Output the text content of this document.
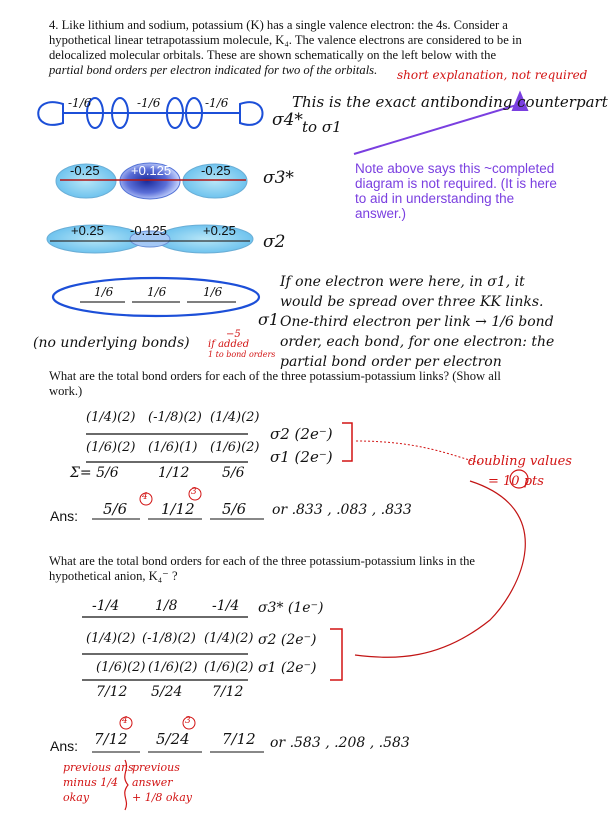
4. Like lithium and sodium, potassium (K) has a single valence electron: the 4s. Consider a
hypothetical linear tetrapotassium molecule, K₄. The valence electrons are considered to be in
delocalized molecular orbitals. These are shown schematically on the left below with the
partial bond orders per electron indicated for two of the orbitals.	short explanation, not required
-1/6	-1/6	-1/6
σ4*
This is the exact antibonding counterpart
to σ1
-0.25 +0.125 -0.25 σ3*
+0.25 -0.125	+0.25
σ2
Note above says this ~completed
diagram is not required. (It is here
to aid in understanding the
answer.)
1/6	1/6	1/6
σ1
If one electron were here, in σ1, it
would be spread over three KK links.
One-third electron per link → 1/6 bond
order, each bond, for one electron: the
partial bond order per electron
(no underlying bonds)
−5
if added
1 to bond orders
What are the total bond orders for each of the three potassium-potassium links? (Show all
work.)
(1/4)(2) (-1/8)(2) (1/4)(2)
(1/6)(2) (1/6)(1) (1/6)(2)
Σ= 5/6	1/12 5/6
σ2 (2e⁻)
σ1 (2e⁻)
Ans: 5/6 1/12 5/6
4	3
or .833 , .083 , .833
doubling values
= 10 pts
What are the total bond orders for each of the three potassium-potassium links in the
hypothetical anion, K₄⁻ ?
-1/4	1/8 -1/4
(1/4)(2) (-1/8)(2) (1/4)(2)
(1/6)(2) (1/6)(2) (1/6)(2)
7/12 5/24 7/12
σ3* (1e⁻)
σ2 (2e⁻)
σ1 (2e⁻)
Ans: 7/12 5/24 7/12
4	3
or .583 , .208 , .583
previous ans
minus 1/4
okay
previous
answer
+ 1/8 okay
